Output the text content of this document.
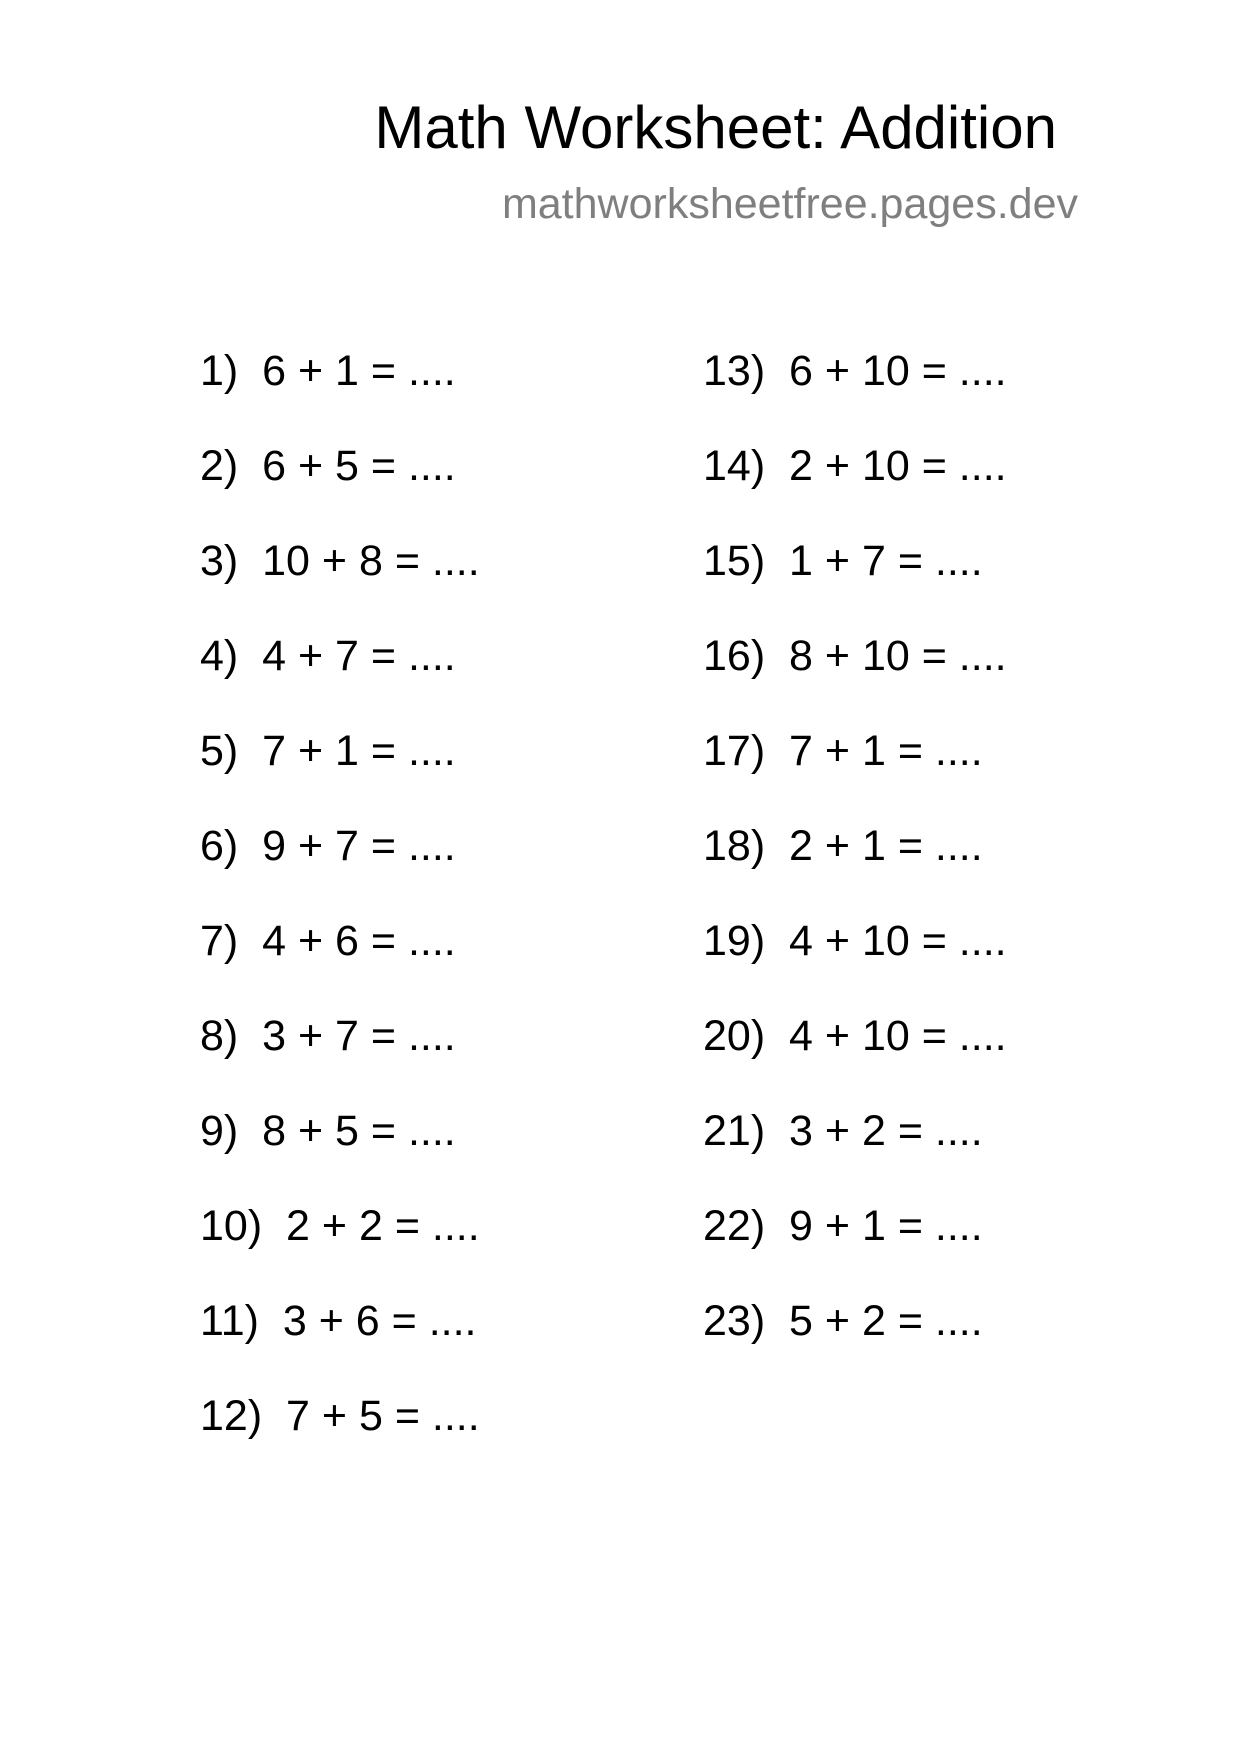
Math Worksheet: Addition
mathworksheetfree.pages.dev
1)  6 + 1 = ....
2)  6 + 5 = ....
3)  10 + 8 = ....
4)  4 + 7 = ....
5)  7 + 1 = ....
6)  9 + 7 = ....
7)  4 + 6 = ....
8)  3 + 7 = ....
9)  8 + 5 = ....
10)  2 + 2 = ....
11)  3 + 6 = ....
12)  7 + 5 = ....
13)  6 + 10 = ....
14)  2 + 10 = ....
15)  1 + 7 = ....
16)  8 + 10 = ....
17)  7 + 1 = ....
18)  2 + 1 = ....
19)  4 + 10 = ....
20)  4 + 10 = ....
21)  3 + 2 = ....
22)  9 + 1 = ....
23)  5 + 2 = ....
